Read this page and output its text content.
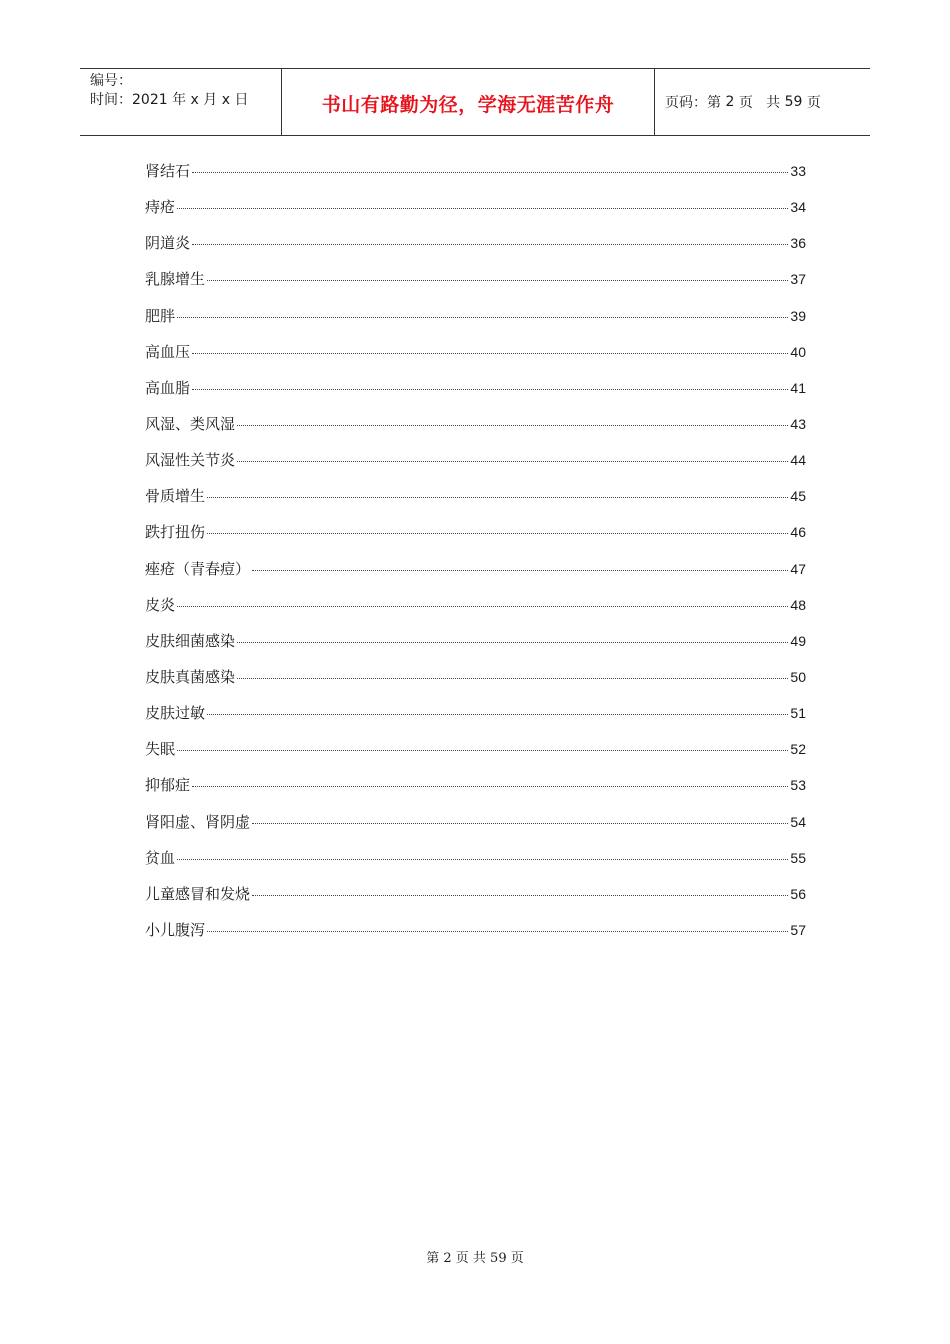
编号：
时间：2021 年 x 月 x 日	书山有路勤为径，学海无涯苦作舟	页码：第 2 页   共 59 页
肾结石	33
痔疮	34
阴道炎	36
乳腺增生	37
肥胖	39
高血压	40
高血脂	41
风湿、类风湿	43
风湿性关节炎	44
骨质增生	45
跌打扭伤	46
痤疮（青春痘）	47
皮炎	48
皮肤细菌感染	49
皮肤真菌感染	50
皮肤过敏	51
失眠	52
抑郁症	53
肾阳虚、肾阴虚	54
贫血	55
儿童感冒和发烧	56
小儿腹泻	57
第 2 页 共 59 页
